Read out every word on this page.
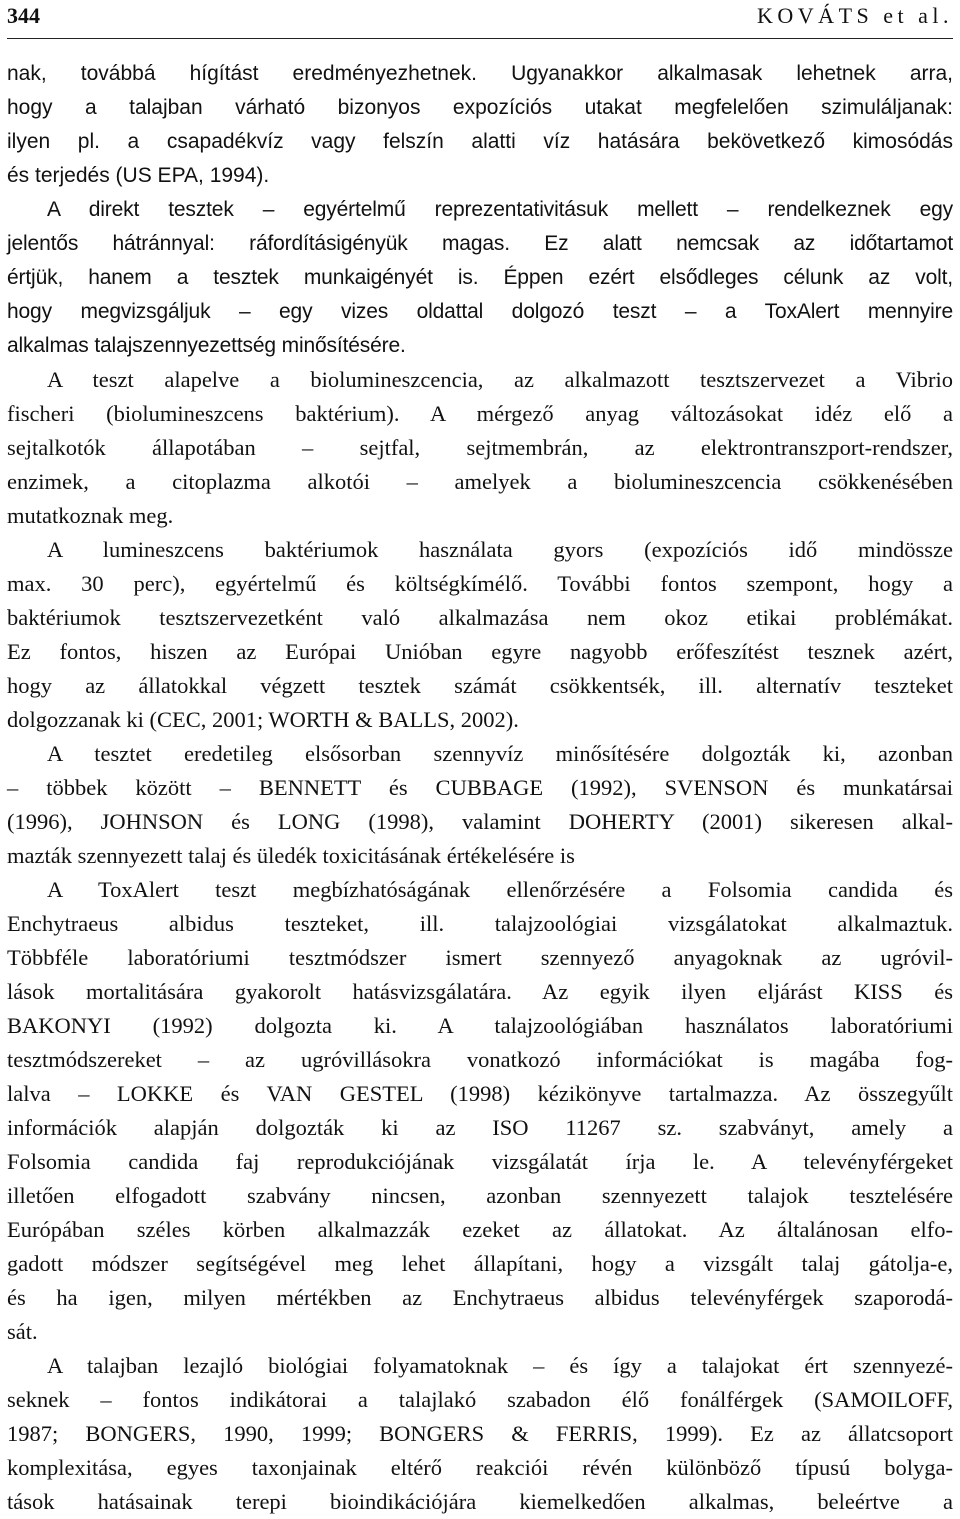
344	KOVÁTS et al.
nak, továbbá hígítást eredményezhetnek. Ugyanakkor alkalmasak lehetnek arra,
hogy a talajban várható bizonyos expozíciós utakat megfelelően szimuláljanak:
ilyen pl. a csapadékvíz vagy felszín alatti víz hatására bekövetkező kimosódás
és terjedés (US EPA, 1994).
A direkt tesztek – egyértelmű reprezentativitásuk mellett – rendelkeznek egy
jelentős hátránnyal: ráfordításigényük magas. Ez alatt nemcsak az időtartamot
értjük, hanem a tesztek munkaigényét is. Éppen ezért elsődleges célunk az volt,
hogy megvizsgáljuk – egy vizes oldattal dolgozó teszt – a ToxAlert mennyire
alkalmas talajszennyezettség minősítésére.
A teszt alapelve a biolumineszcencia, az alkalmazott tesztszervezet a Vibrio
fischeri (biolumineszcens baktérium). A mérgező anyag változásokat idéz elő a
sejtalkotók állapotában – sejtfal, sejtmembrán, az elektrontranszport-rendszer,
enzimek, a citoplazma alkotói – amelyek a biolumineszcencia csökkenésében
mutatkoznak meg.
A lumineszcens baktériumok használata gyors (expozíciós idő mindössze
max. 30 perc), egyértelmű és költségkímélő. További fontos szempont, hogy a
baktériumok tesztszervezetként való alkalmazása nem okoz etikai problémákat.
Ez fontos, hiszen az Európai Unióban egyre nagyobb erőfeszítést tesznek azért,
hogy az állatokkal végzett tesztek számát csökkentsék, ill. alternatív teszteket
dolgozzanak ki (CEC, 2001; WORTH & BALLS, 2002).
A tesztet eredetileg elsősorban szennyvíz minősítésére dolgozták ki, azonban
– többek között – BENNETT és CUBBAGE (1992), SVENSON és munkatársai
(1996), JOHNSON és LONG (1998), valamint DOHERTY (2001) sikeresen alkal-
mazták szennyezett talaj és üledék toxicitásának értékelésére is
A ToxAlert teszt megbízhatóságának ellenőrzésére a Folsomia candida és
Enchytraeus albidus teszteket, ill. talajzoológiai vizsgálatokat alkalmaztuk.
Többféle laboratóriumi tesztmódszer ismert szennyező anyagoknak az ugróvil-
lások mortalitására gyakorolt hatásvizsgálatára. Az egyik ilyen eljárást KISS és
BAKONYI (1992) dolgozta ki. A talajzoológiában használatos laboratóriumi
tesztmódszereket – az ugróvillásokra vonatkozó információkat is magába fog-
lalva – LOKKE és VAN GESTEL (1998) kézikönyve tartalmazza. Az összegyűlt
információk alapján dolgozták ki az ISO 11267 sz. szabványt, amely a
Folsomia candida faj reprodukciójának vizsgálatát írja le. A televényférgeket
illetően elfogadott szabvány nincsen, azonban szennyezett talajok tesztelésére
Európában széles körben alkalmazzák ezeket az állatokat. Az általánosan elfo-
gadott módszer segítségével meg lehet állapítani, hogy a vizsgált talaj gátolja-e,
és ha igen, milyen mértékben az Enchytraeus albidus televényférgek szaporodá-
sát.
A talajban lezajló biológiai folyamatoknak – és így a talajokat ért szennyezé-
seknek – fontos indikátorai a talajlakó szabadon élő fonálférgek (SAMOILOFF,
1987; BONGERS, 1990, 1999; BONGERS & FERRIS, 1999). Ez az állatcsoport
komplexitása, egyes taxonjainak eltérő reakciói révén különböző típusú bolyga-
tások hatásainak terepi bioindikációjára kiemelkedően alkalmas, beleértve a
